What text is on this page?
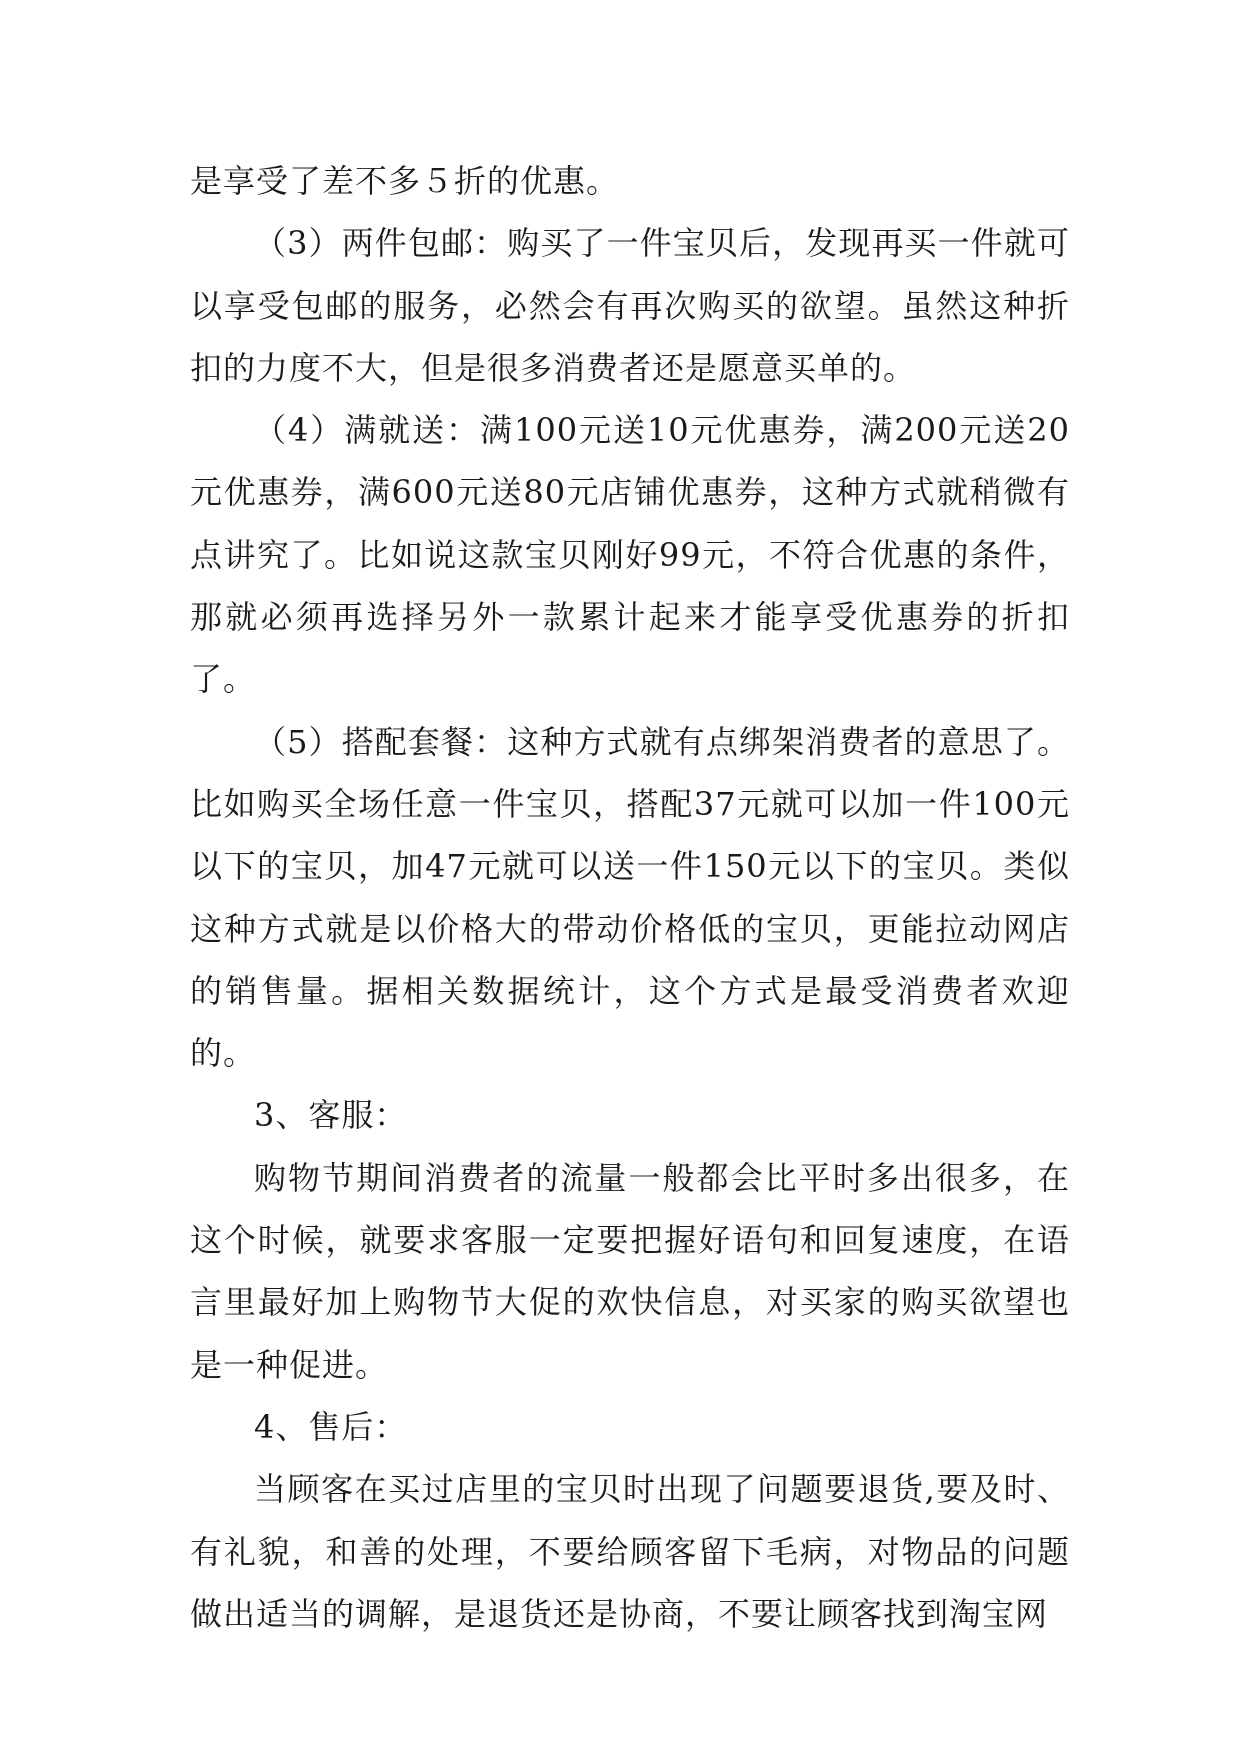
是享受了差不多５折的优惠。

（3）两件包邮：购买了一件宝贝后，发现再买一件就可以享受包邮的服务，必然会有再次购买的欲望。虽然这种折扣的力度不大，但是很多消费者还是愿意买单的。

（4）满就送：满100元送10元优惠券，满200元送20元优惠券，满600元送80元店铺优惠券，这种方式就稍微有点讲究了。比如说这款宝贝刚好99元，不符合优惠的条件，那就必须再选择另外一款累计起来才能享受优惠券的折扣了。

（5）搭配套餐：这种方式就有点绑架消费者的意思了。比如购买全场任意一件宝贝，搭配37元就可以加一件100元以下的宝贝，加47元就可以送一件150元以下的宝贝。类似这种方式就是以价格大的带动价格低的宝贝，更能拉动网店的销售量。据相关数据统计，这个方式是最受消费者欢迎的。

3、客服：

购物节期间消费者的流量一般都会比平时多出很多，在这个时候，就要求客服一定要把握好语句和回复速度，在语言里最好加上购物节大促的欢快信息，对买家的购买欲望也是一种促进。

4、售后：

当顾客在买过店里的宝贝时出现了问题要退货,要及时、有礼貌，和善的处理，不要给顾客留下毛病，对物品的问题做出适当的调解，是退货还是协商，不要让顾客找到淘宝网
